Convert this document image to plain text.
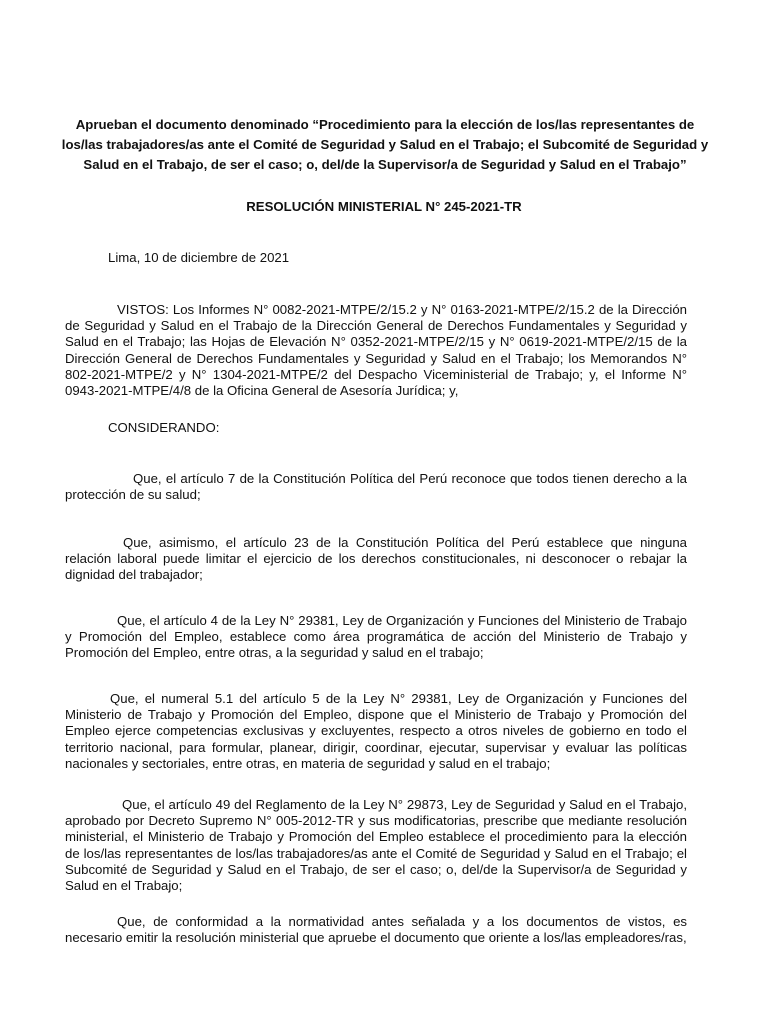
Aprueban el documento denominado “Procedimiento para la elección de los/las representantes de los/las trabajadores/as ante el Comité de Seguridad y Salud en el Trabajo; el Subcomité de Seguridad y Salud en el Trabajo, de ser el caso; o, del/de la Supervisor/a de Seguridad y Salud en el Trabajo”
RESOLUCIÓN MINISTERIAL N° 245-2021-TR
Lima, 10 de diciembre de 2021
VISTOS: Los Informes N° 0082-2021-MTPE/2/15.2 y N° 0163-2021-MTPE/2/15.2 de la Dirección de Seguridad y Salud en el Trabajo de la Dirección General de Derechos Fundamentales y Seguridad y Salud en el Trabajo; las Hojas de Elevación N° 0352-2021-MTPE/2/15 y N° 0619-2021-MTPE/2/15 de la Dirección General de Derechos Fundamentales y Seguridad y Salud en el Trabajo; los Memorandos N° 802-2021-MTPE/2 y N° 1304-2021-MTPE/2 del Despacho Viceministerial de Trabajo; y, el Informe N° 0943-2021-MTPE/4/8 de la Oficina General de Asesoría Jurídica; y,
CONSIDERANDO:
Que, el artículo 7 de la Constitución Política del Perú reconoce que todos tienen derecho a la protección de su salud;
Que, asimismo, el artículo 23 de la Constitución Política del Perú establece que ninguna relación laboral puede limitar el ejercicio de los derechos constitucionales, ni desconocer o rebajar la dignidad del trabajador;
Que, el artículo 4 de la Ley N° 29381, Ley de Organización y Funciones del Ministerio de Trabajo y Promoción del Empleo, establece como área programática de acción del Ministerio de Trabajo y Promoción del Empleo, entre otras, a la seguridad y salud en el trabajo;
Que, el numeral 5.1 del artículo 5 de la Ley N° 29381, Ley de Organización y Funciones del Ministerio de Trabajo y Promoción del Empleo, dispone que el Ministerio de Trabajo y Promoción del Empleo ejerce competencias exclusivas y excluyentes, respecto a otros niveles de gobierno en todo el territorio nacional, para formular, planear, dirigir, coordinar, ejecutar, supervisar y evaluar las políticas nacionales y sectoriales, entre otras, en materia de seguridad y salud en el trabajo;
Que, el artículo 49 del Reglamento de la Ley N° 29873, Ley de Seguridad y Salud en el Trabajo, aprobado por Decreto Supremo N° 005-2012-TR y sus modificatorias, prescribe que mediante resolución ministerial, el Ministerio de Trabajo y Promoción del Empleo establece el procedimiento para la elección de los/las representantes de los/las trabajadores/as ante el Comité de Seguridad y Salud en el Trabajo; el Subcomité de Seguridad y Salud en el Trabajo, de ser el caso; o, del/de la Supervisor/a de Seguridad y Salud en el Trabajo;
Que, de conformidad a la normatividad antes señalada y a los documentos de vistos, es necesario emitir la resolución ministerial que apruebe el documento que oriente a los/las empleadores/ras,
